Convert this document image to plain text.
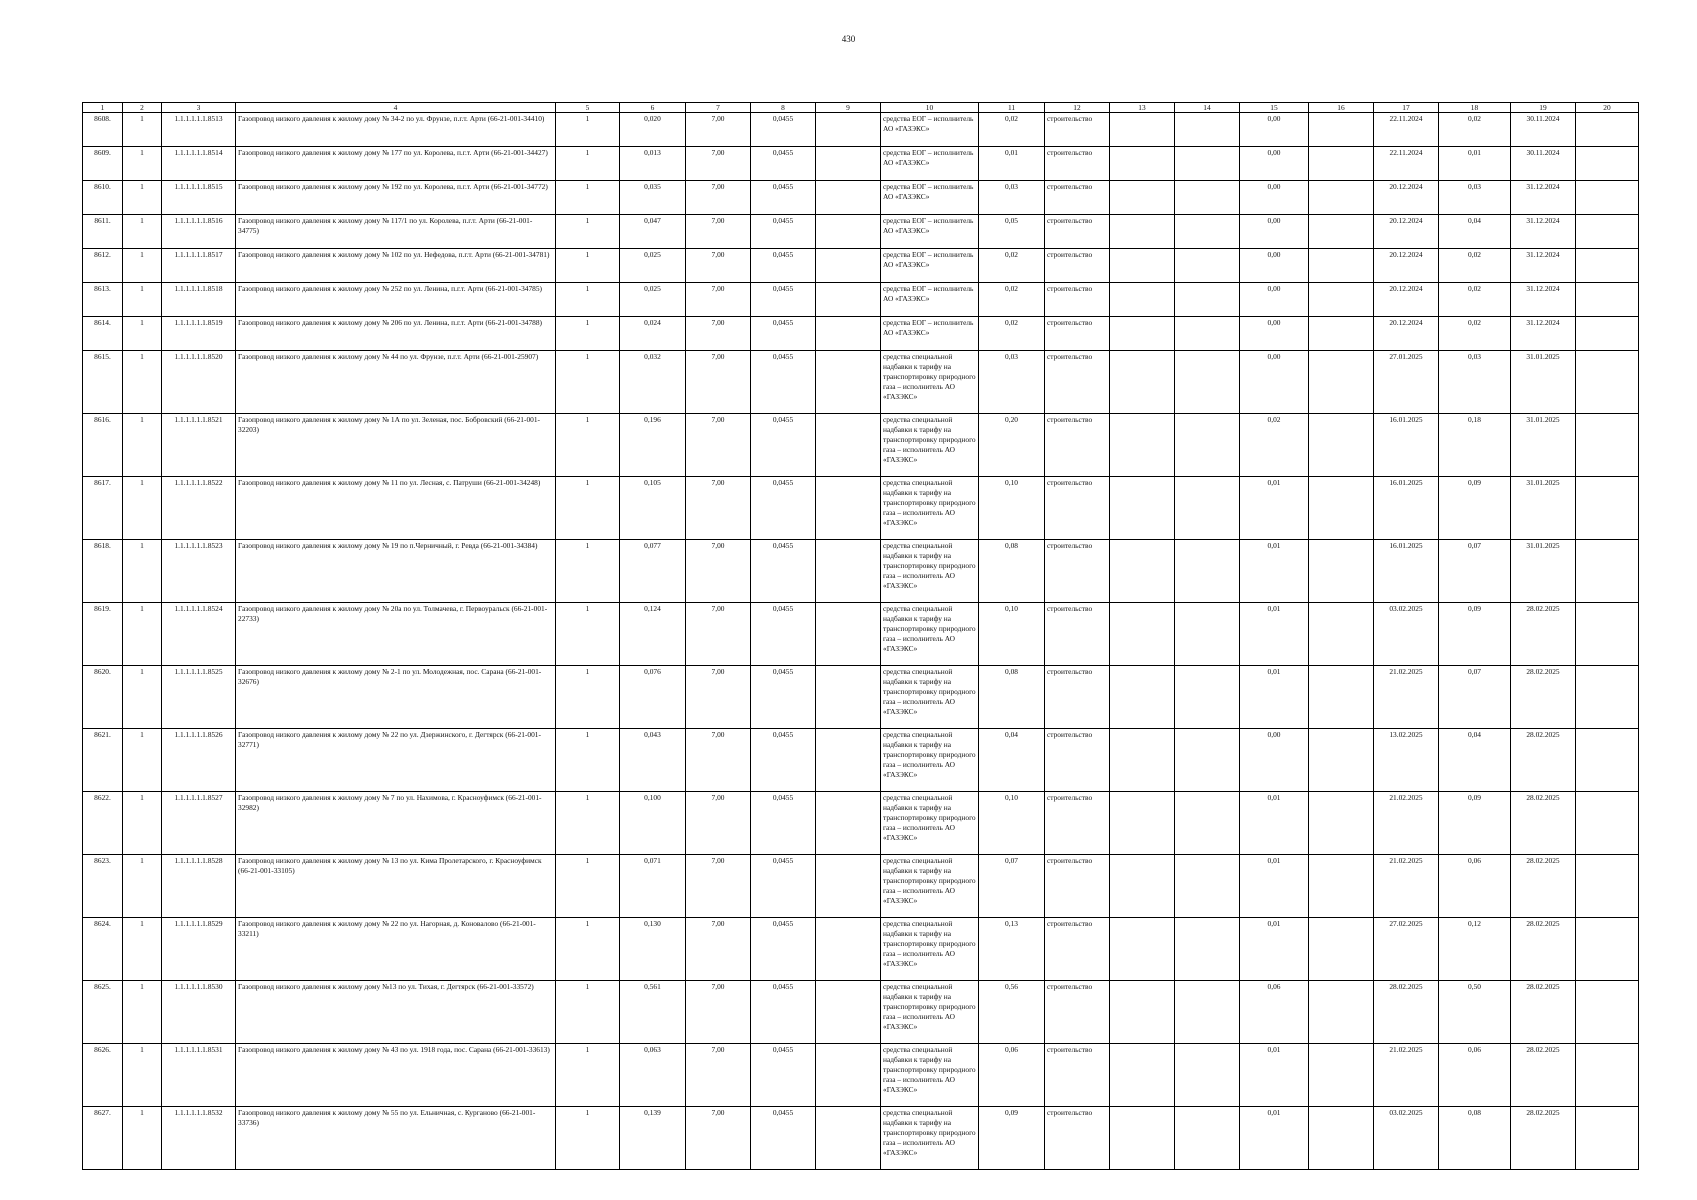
430
1	2	3	4	5	6	7	8	9	10	11	12	13	14	15	16	17	18	19	20
8608.	1	1.1.1.1.1.1.8513	Газопровод низкого давления к жилому дому № 34-2 по ул. Фрунзе, п.г.т. Арти (66-21-001-34410)	1	0,020	7,00	0,0455		средства ЕОГ – исполнитель АО «ГАЗЭКС»	0,02	строительство			0,00		22.11.2024	0,02	30.11.2024	
8609.	1	1.1.1.1.1.1.8514	Газопровод низкого давления к жилому дому № 177 по ул. Королева, п.г.т. Арти (66-21-001-34427)	1	0,013	7,00	0,0455		средства ЕОГ – исполнитель АО «ГАЗЭКС»	0,01	строительство			0,00		22.11.2024	0,01	30.11.2024	
8610.	1	1.1.1.1.1.1.8515	Газопровод низкого давления к жилому дому № 192 по ул. Королева, п.г.т. Арти (66-21-001-34772)	1	0,035	7,00	0,0455		средства ЕОГ – исполнитель АО «ГАЗЭКС»	0,03	строительство			0,00		20.12.2024	0,03	31.12.2024	
8611.	1	1.1.1.1.1.1.8516	Газопровод низкого давления к жилому дому № 117/1 по ул. Королева, п.г.т. Арти (66-21-001-34775)	1	0,047	7,00	0,0455		средства ЕОГ – исполнитель АО «ГАЗЭКС»	0,05	строительство			0,00		20.12.2024	0,04	31.12.2024	
8612.	1	1.1.1.1.1.1.8517	Газопровод низкого давления к жилому дому № 102 по ул. Нефедова, п.г.т. Арти (66-21-001-34781)	1	0,025	7,00	0,0455		средства ЕОГ – исполнитель АО «ГАЗЭКС»	0,02	строительство			0,00		20.12.2024	0,02	31.12.2024	
8613.	1	1.1.1.1.1.1.8518	Газопровод низкого давления к жилому дому № 252 по ул. Ленина, п.г.т. Арти (66-21-001-34785)	1	0,025	7,00	0,0455		средства ЕОГ – исполнитель АО «ГАЗЭКС»	0,02	строительство			0,00		20.12.2024	0,02	31.12.2024	
8614.	1	1.1.1.1.1.1.8519	Газопровод низкого давления к жилому дому № 206 по ул. Ленина, п.г.т. Арти (66-21-001-34788)	1	0,024	7,00	0,0455		средства ЕОГ – исполнитель АО «ГАЗЭКС»	0,02	строительство			0,00		20.12.2024	0,02	31.12.2024	
8615.	1	1.1.1.1.1.1.8520	Газопровод низкого давления к жилому дому № 44 по ул. Фрунзе, п.г.т. Арти (66-21-001-25907)	1	0,032	7,00	0,0455		средства специальной надбавки к тарифу на транспортировку природного газа – исполнитель АО «ГАЗЭКС»	0,03	строительство			0,00		27.01.2025	0,03	31.01.2025	
8616.	1	1.1.1.1.1.1.8521	Газопровод низкого давления к жилому дому № 1А по ул. Зеленая, пос. Бобровский (66-21-001-32203)	1	0,196	7,00	0,0455		средства специальной надбавки к тарифу на транспортировку природного газа – исполнитель АО «ГАЗЭКС»	0,20	строительство			0,02		16.01.2025	0,18	31.01.2025	
8617.	1	1.1.1.1.1.1.8522	Газопровод низкого давления к жилому дому № 11 по ул. Лесная, с. Патруши (66-21-001-34248)	1	0,105	7,00	0,0455		средства специальной надбавки к тарифу на транспортировку природного газа – исполнитель АО «ГАЗЭКС»	0,10	строительство			0,01		16.01.2025	0,09	31.01.2025	
8618.	1	1.1.1.1.1.1.8523	Газопровод низкого давления к жилому дому № 19 по п.Черничный, г. Ревда (66-21-001-34384)	1	0,077	7,00	0,0455		средства специальной надбавки к тарифу на транспортировку природного газа – исполнитель АО «ГАЗЭКС»	0,08	строительство			0,01		16.01.2025	0,07	31.01.2025	
8619.	1	1.1.1.1.1.1.8524	Газопровод низкого давления к жилому дому № 20а по ул. Толмачева, г. Первоуральск (66-21-001-22733)	1	0,124	7,00	0,0455		средства специальной надбавки к тарифу на транспортировку природного газа – исполнитель АО «ГАЗЭКС»	0,10	строительство			0,01		03.02.2025	0,09	28.02.2025	
8620.	1	1.1.1.1.1.1.8525	Газопровод низкого давления к жилому дому № 2-1 по ул. Молодежная, пос. Сарана (66-21-001-32676)	1	0,076	7,00	0,0455		средства специальной надбавки к тарифу на транспортировку природного газа – исполнитель АО «ГАЗЭКС»	0,08	строительство			0,01		21.02.2025	0,07	28.02.2025	
8621.	1	1.1.1.1.1.1.8526	Газопровод низкого давления к жилому дому № 22 по ул. Дзержинского, г. Дегтярск (66-21-001-32771)	1	0,043	7,00	0,0455		средства специальной надбавки к тарифу на транспортировку природного газа – исполнитель АО «ГАЗЭКС»	0,04	строительство			0,00		13.02.2025	0,04	28.02.2025	
8622.	1	1.1.1.1.1.1.8527	Газопровод низкого давления к жилому дому № 7 по ул. Нахимова, г. Красноуфимск (66-21-001-32982)	1	0,100	7,00	0,0455		средства специальной надбавки к тарифу на транспортировку природного газа – исполнитель АО «ГАЗЭКС»	0,10	строительство			0,01		21.02.2025	0,09	28.02.2025	
8623.	1	1.1.1.1.1.1.8528	Газопровод низкого давления к жилому дому № 13 по ул. Кима Пролетарского, г. Красноуфимск (66-21-001-33105)	1	0,071	7,00	0,0455		средства специальной надбавки к тарифу на транспортировку природного газа – исполнитель АО «ГАЗЭКС»	0,07	строительство			0,01		21.02.2025	0,06	28.02.2025	
8624.	1	1.1.1.1.1.1.8529	Газопровод низкого давления к жилому дому № 22 по ул. Нагорная, д. Коновалово (66-21-001-33211)	1	0,130	7,00	0,0455		средства специальной надбавки к тарифу на транспортировку природного газа – исполнитель АО «ГАЗЭКС»	0,13	строительство			0,01		27.02.2025	0,12	28.02.2025	
8625.	1	1.1.1.1.1.1.8530	Газопровод низкого давления к жилому дому №13 по ул. Тихая, г. Дегтярск (66-21-001-33572)	1	0,561	7,00	0,0455		средства специальной надбавки к тарифу на транспортировку природного газа – исполнитель АО «ГАЗЭКС»	0,56	строительство			0,06		28.02.2025	0,50	28.02.2025	
8626.	1	1.1.1.1.1.1.8531	Газопровод низкого давления к жилому дому № 43 по ул. 1918 года, пос. Сарана (66-21-001-33613)	1	0,063	7,00	0,0455		средства специальной надбавки к тарифу на транспортировку природного газа – исполнитель АО «ГАЗЭКС»	0,06	строительство			0,01		21.02.2025	0,06	28.02.2025	
8627.	1	1.1.1.1.1.1.8532	Газопровод низкого давления к жилому дому № 55 по ул. Ельничная, с. Курганово (66-21-001-33736)	1	0,139	7,00	0,0455		средства специальной надбавки к тарифу на транспортировку природного газа – исполнитель АО «ГАЗЭКС»	0,09	строительство			0,01		03.02.2025	0,08	28.02.2025	
